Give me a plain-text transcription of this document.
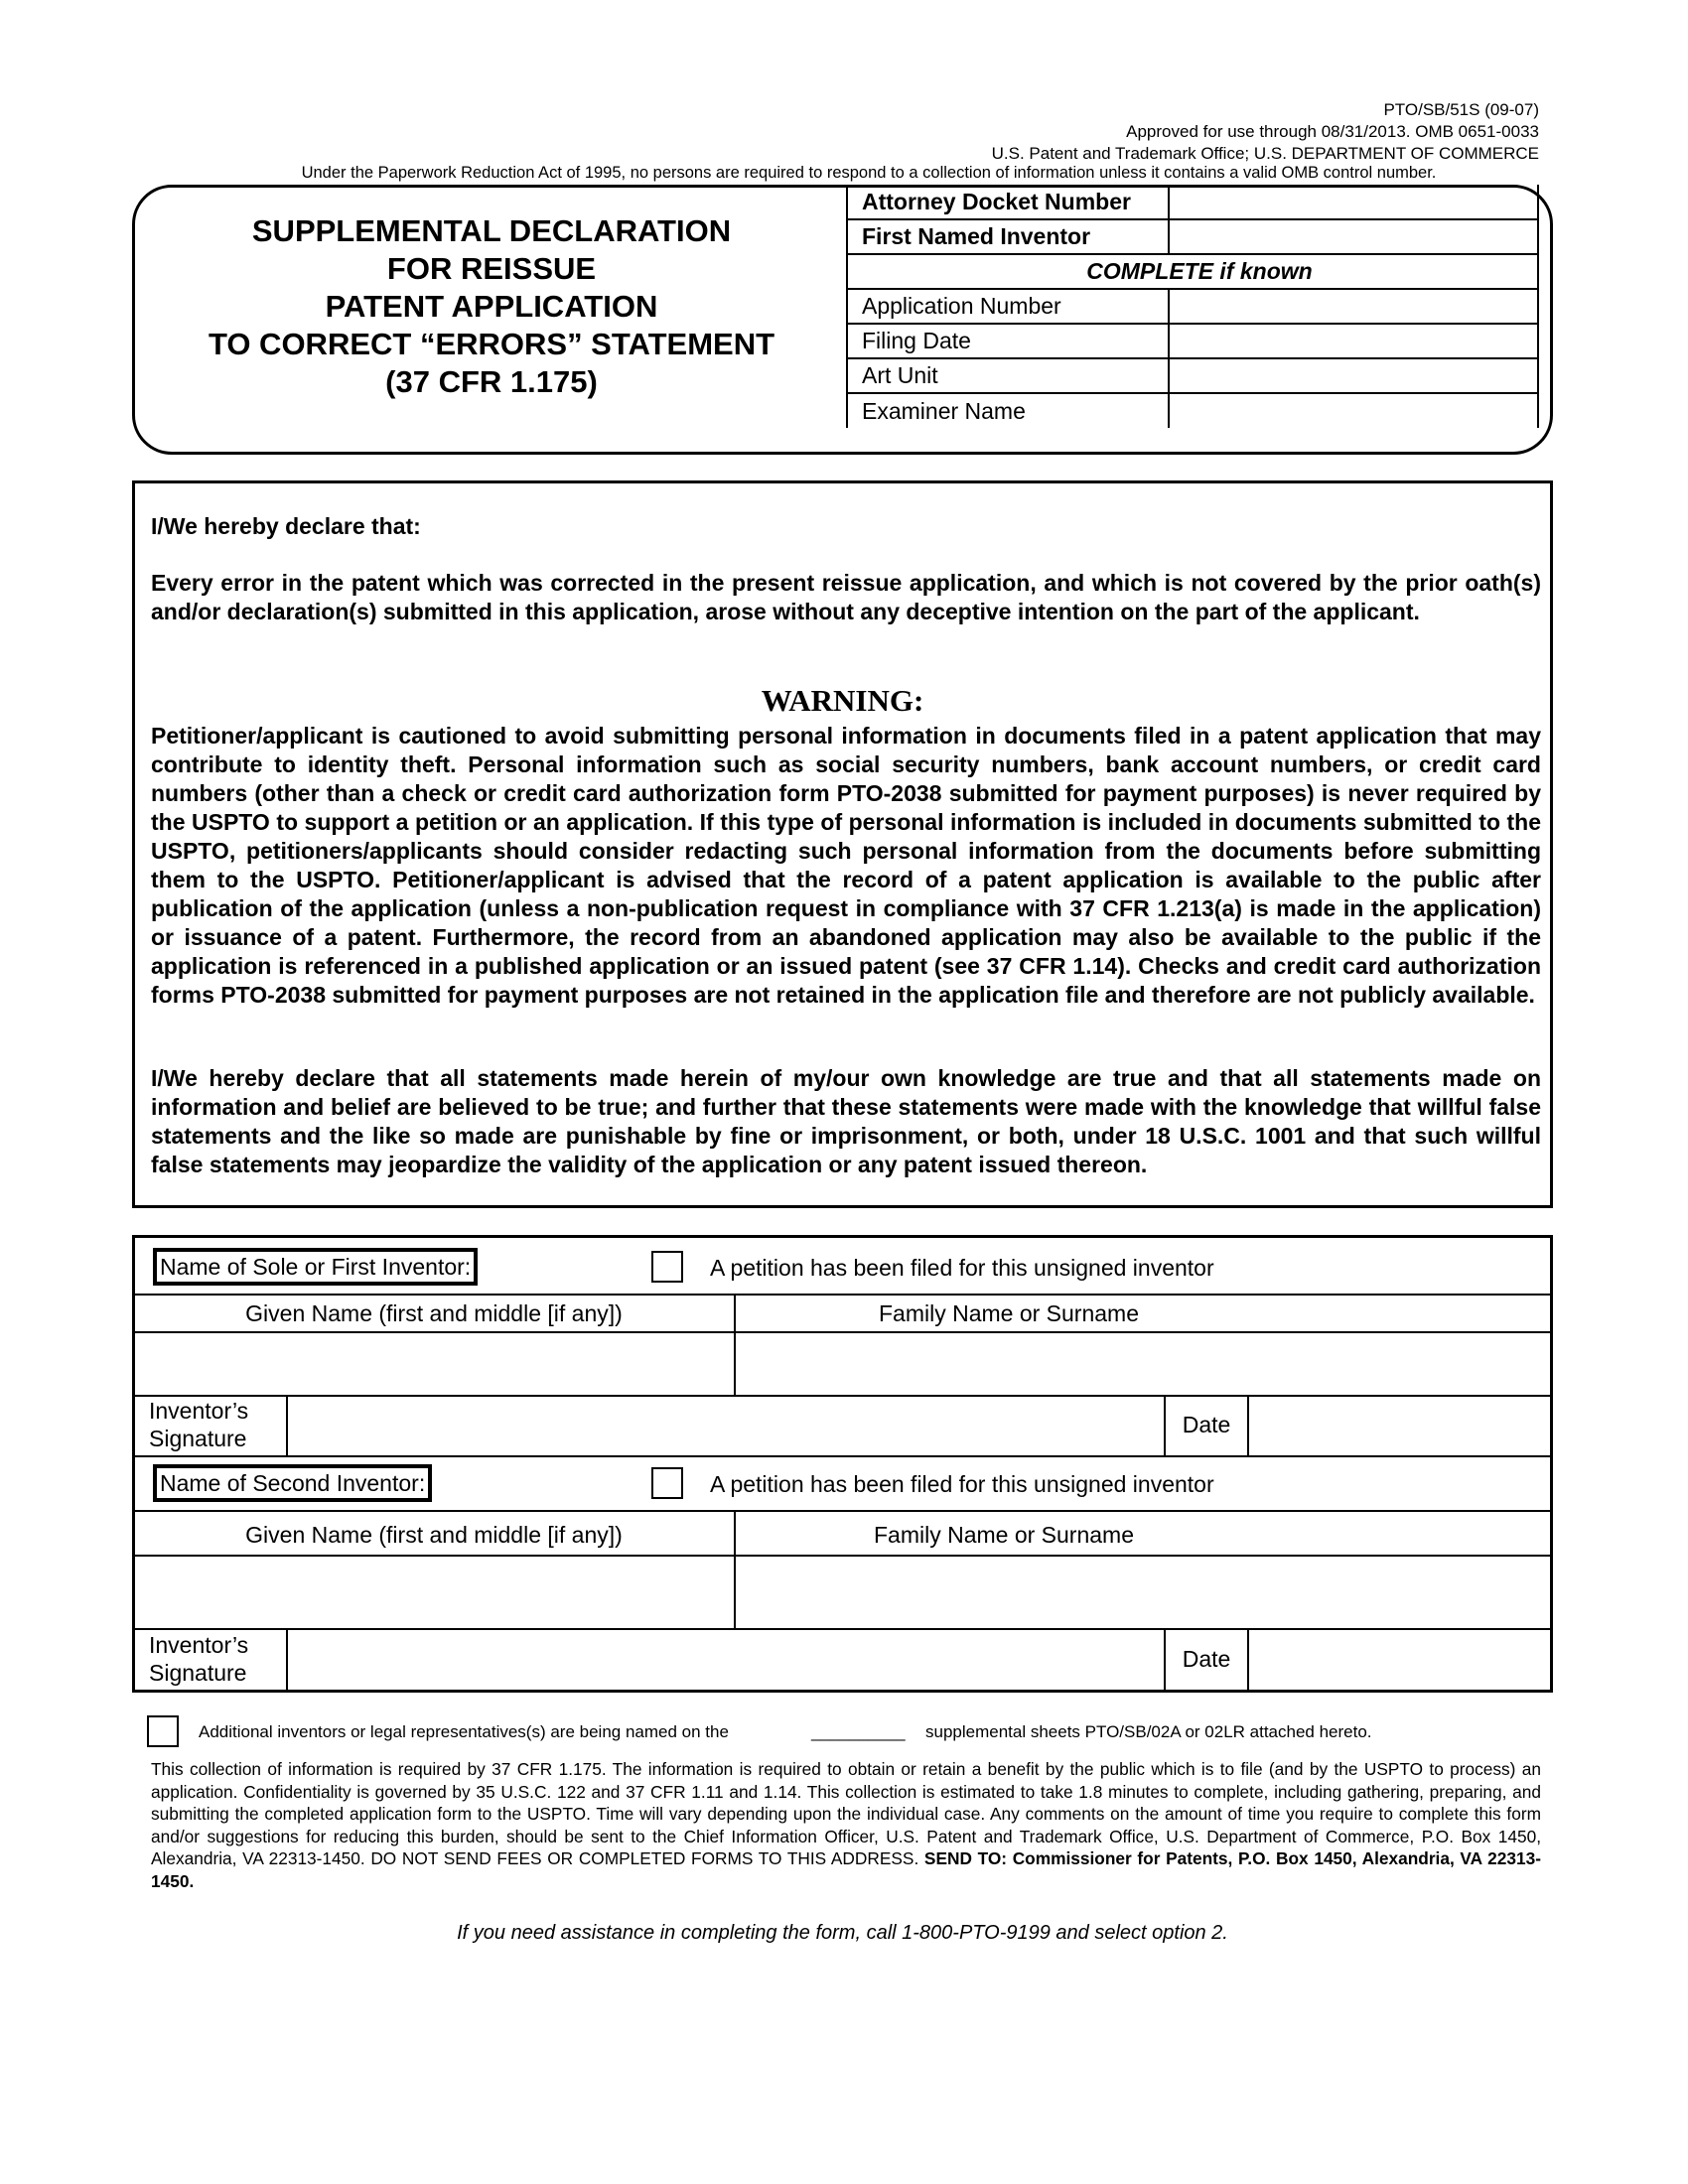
PTO/SB/51S (09-07)
Approved for use through 08/31/2013. OMB 0651-0033
U.S. Patent and Trademark Office; U.S. DEPARTMENT OF COMMERCE
Under the Paperwork Reduction Act of 1995, no persons are required to respond to a collection of information unless it contains a valid OMB control number.
SUPPLEMENTAL DECLARATION
FOR REISSUE
PATENT APPLICATION
TO CORRECT “ERRORS” STATEMENT
(37 CFR 1.175)
Attorney Docket Number	
First Named Inventor	
COMPLETE if known	
Application Number	
Filing Date	
Art Unit	
Examiner Name	
I/We hereby declare that:
Every error in the patent which was corrected in the present reissue application, and which is not covered by the prior oath(s) and/or declaration(s) submitted in this application, arose without any deceptive intention on the part of the applicant.
WARNING:
Petitioner/applicant is cautioned to avoid submitting personal information in documents filed in a patent application that may contribute to identity theft. Personal information such as social security numbers, bank account numbers, or credit card numbers (other than a check or credit card authorization form PTO-2038 submitted for payment purposes) is never required by the USPTO to support a petition or an application. If this type of personal information is included in documents submitted to the USPTO, petitioners/applicants should consider redacting such personal information from the documents before submitting them to the USPTO. Petitioner/applicant is advised that the record of a patent application is available to the public after publication of the application (unless a non-publication request in compliance with 37 CFR 1.213(a) is made in the application) or issuance of a patent. Furthermore, the record from an abandoned application may also be available to the public if the application is referenced in a published application or an issued patent (see 37 CFR 1.14). Checks and credit card authorization forms PTO-2038 submitted for payment purposes are not retained in the application file and therefore are not publicly available.
I/We hereby declare that all statements made herein of my/our own knowledge are true and that all statements made on information and belief are believed to be true; and further that these statements were made with the knowledge that willful false statements and the like so made are punishable by fine or imprisonment, or both, under 18 U.S.C. 1001 and that such willful false statements may jeopardize the validity of the application or any patent issued thereon.
Name of Sole or First Inventor:	A petition has been filed for this unsigned inventor
Given Name (first and middle [if any])	Family Name or Surname
Inventor’s
Signature
Date
Name of Second Inventor:	A petition has been filed for this unsigned inventor
Given Name (first and middle [if any])	Family Name or Surname
Inventor’s
Signature
Date
Additional inventors or legal representatives(s) are being named on the	__________ supplemental sheets PTO/SB/02A or 02LR attached hereto.
This collection of information is required by 37 CFR 1.175. The information is required to obtain or retain a benefit by the public which is to file (and by the USPTO to process) an application. Confidentiality is governed by 35 U.S.C. 122 and 37 CFR 1.11 and 1.14. This collection is estimated to take 1.8 minutes to complete, including gathering, preparing, and submitting the completed application form to the USPTO. Time will vary depending upon the individual case. Any comments on the amount of time you require to complete this form and/or suggestions for reducing this burden, should be sent to the Chief Information Officer, U.S. Patent and Trademark Office, U.S. Department of Commerce, P.O. Box 1450, Alexandria, VA 22313-1450. DO NOT SEND FEES OR COMPLETED FORMS TO THIS ADDRESS. SEND TO: Commissioner for Patents, P.O. Box 1450, Alexandria, VA 22313-1450.
If you need assistance in completing the form, call 1-800-PTO-9199 and select option 2.
